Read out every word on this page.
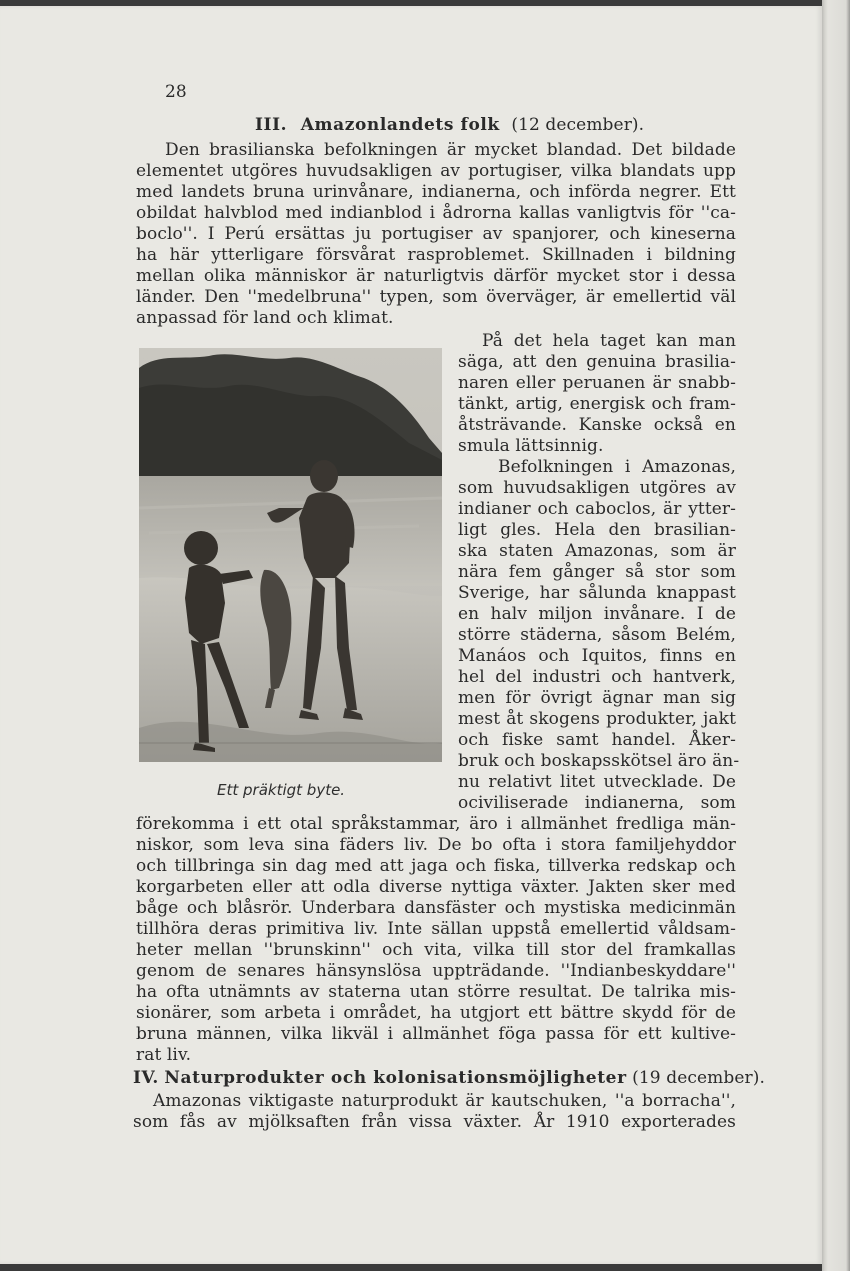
28
III. Amazonlandets folk (12 december).
Den brasilianska befolkningen är mycket blandad. Det bildade
elementet utgöres huvudsakligen av portugiser, vilka blandats upp
med landets bruna urinvånare, indianerna, och införda negrer. Ett
obildat halvblod med indianblod i ådrorna kallas vanligtvis för ''ca-
boclo''. I Perú ersättas ju portugiser av spanjorer, och kineserna
ha här ytterligare försvårat rasproblemet. Skillnaden i bildning
mellan olika människor är naturligtvis därför mycket stor i dessa
länder. Den ''medelbruna'' typen, som överväger, är emellertid väl
anpassad för land och klimat.
På det hela taget kan man
säga, att den genuina brasilia-
naren eller peruanen är snabb-
tänkt, artig, energisk och fram-
åtsträvande. Kanske också en
smula lättsinnig.
Befolkningen i Amazonas,
som huvudsakligen utgöres av
indianer och caboclos, är ytter-
ligt gles. Hela den brasilian-
ska staten Amazonas, som är
nära fem gånger så stor som
Sverige, har sålunda knappast
en halv miljon invånare. I de
större städerna, såsom Belém,
Manáos och Iquitos, finns en
hel del industri och hantverk,
men för övrigt ägnar man sig
mest åt skogens produkter, jakt
och fiske samt handel. Åker-
bruk och boskapsskötsel äro än-
nu relativt litet utvecklade. De
ociviliserade indianerna, som
Ett präktigt byte.
förekomma i ett otal språkstammar, äro i allmänhet fredliga män-
niskor, som leva sina fäders liv. De bo ofta i stora familjehyddor
och tillbringa sin dag med att jaga och fiska, tillverka redskap och
korgarbeten eller att odla diverse nyttiga växter. Jakten sker med
båge och blåsrör. Underbara dansfäster och mystiska medicinmän
tillhöra deras primitiva liv. Inte sällan uppstå emellertid våldsam-
heter mellan ''brunskinn'' och vita, vilka till stor del framkallas
genom de senares hänsynslösa uppträdande. ''Indianbeskyddare''
ha ofta utnämnts av staterna utan större resultat. De talrika mis-
sionärer, som arbeta i området, ha utgjort ett bättre skydd för de
bruna männen, vilka likväl i allmänhet föga passa för ett kultive-
rat liv.
IV. Naturprodukter och kolonisationsmöjligheter (19 december).
Amazonas viktigaste naturprodukt är kautschuken, ''a borracha'',
som fås av mjölksaften från vissa växter. År 1910 exporterades
